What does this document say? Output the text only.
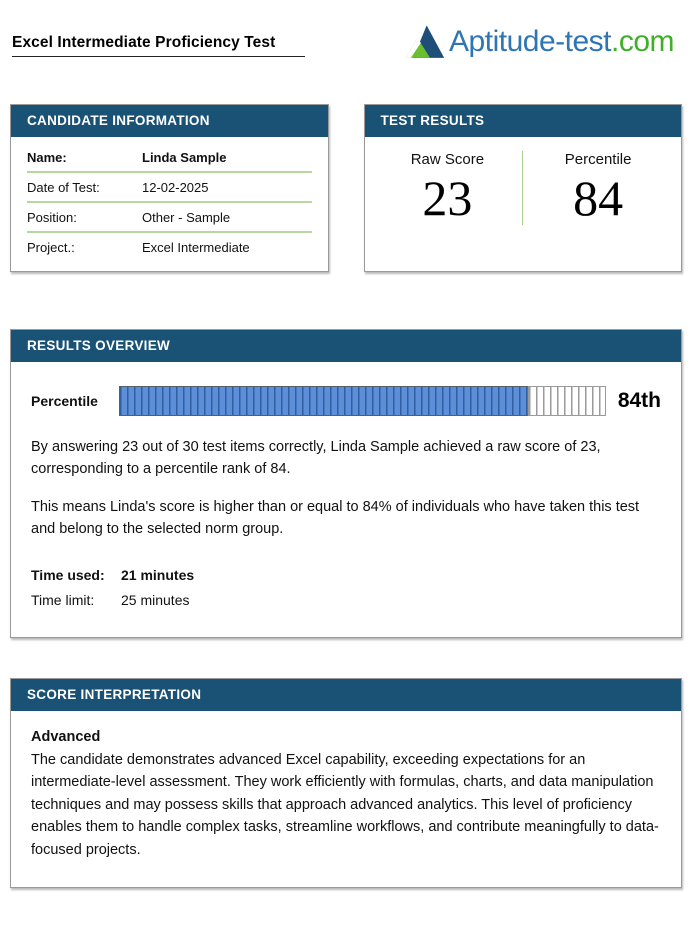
Excel Intermediate Proficiency Test	Aptitude-test.com
CANDIDATE INFORMATION
Name:	Linda Sample
Date of Test:	12-02-2025
Position:	Other - Sample
Project.:	Excel Intermediate
TEST RESULTS
Raw Score
23
Percentile
84
RESULTS OVERVIEW
Percentile	84th

By answering 23 out of 30 test items correctly, Linda Sample achieved a raw score of 23, corresponding to a percentile rank of 84.

This means Linda's score is higher than or equal to 84% of individuals who have taken this test and belong to the selected norm group.

Time used:	21 minutes
Time limit:	25 minutes
SCORE INTERPRETATION
Advanced
The candidate demonstrates advanced Excel capability, exceeding expectations for an intermediate-level assessment. They work efficiently with formulas, charts, and data manipulation techniques and may possess skills that approach advanced analytics. This level of proficiency enables them to handle complex tasks, streamline workflows, and contribute meaningfully to data-focused projects.
